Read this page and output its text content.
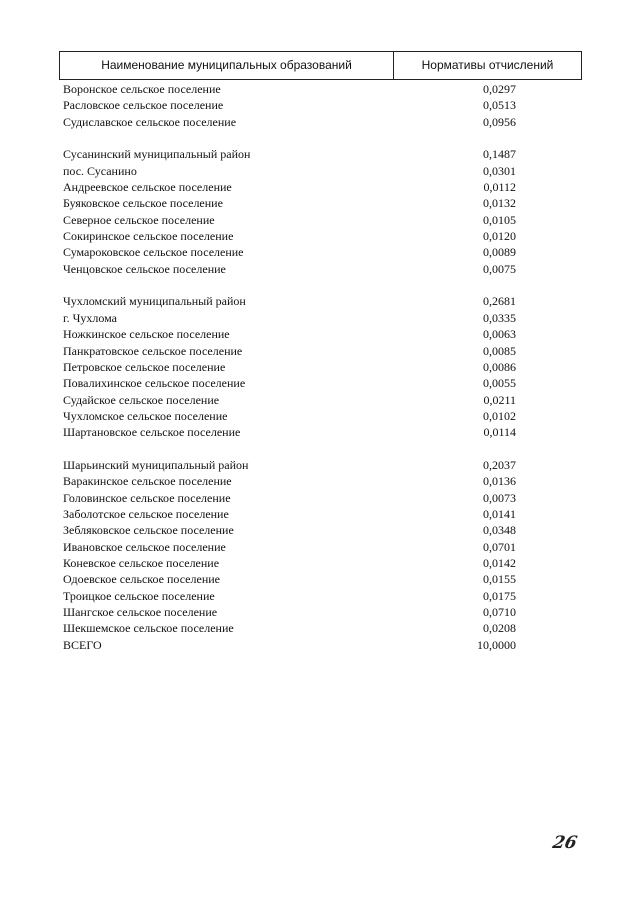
Наименование муниципальных образований	Нормативы отчислений
Воронское сельское поселение	0,0297
Расловское сельское поселение	0,0513
Судиславское сельское поселение	0,0956
Сусанинский муниципальный район	0,1487
пос. Сусанино	0,0301
Андреевское сельское поселение	0,0112
Буяковское сельское поселение	0,0132
Северное сельское поселение	0,0105
Сокиринское сельское поселение	0,0120
Сумароковское сельское поселение	0,0089
Ченцовское сельское поселение	0,0075
Чухломский муниципальный район	0,2681
г. Чухлома	0,0335
Ножкинское сельское поселение	0,0063
Панкратовское сельское поселение	0,0085
Петровское сельское поселение	0,0086
Повалихинское сельское поселение	0,0055
Судайское сельское поселение	0,0211
Чухломское сельское поселение	0,0102
Шартановское сельское поселение	0,0114
Шарьинский муниципальный район	0,2037
Варакинское сельское поселение	0,0136
Головинское сельское поселение	0,0073
Заболотское сельское поселение	0,0141
Зебляковское сельское поселение	0,0348
Ивановское сельское поселение	0,0701
Коневское сельское поселение	0,0142
Одоевское сельское поселение	0,0155
Троицкое сельское поселение	0,0175
Шангское сельское поселение	0,0710
Шекшемское сельское поселение	0,0208
ВСЕГО	10,0000
26
